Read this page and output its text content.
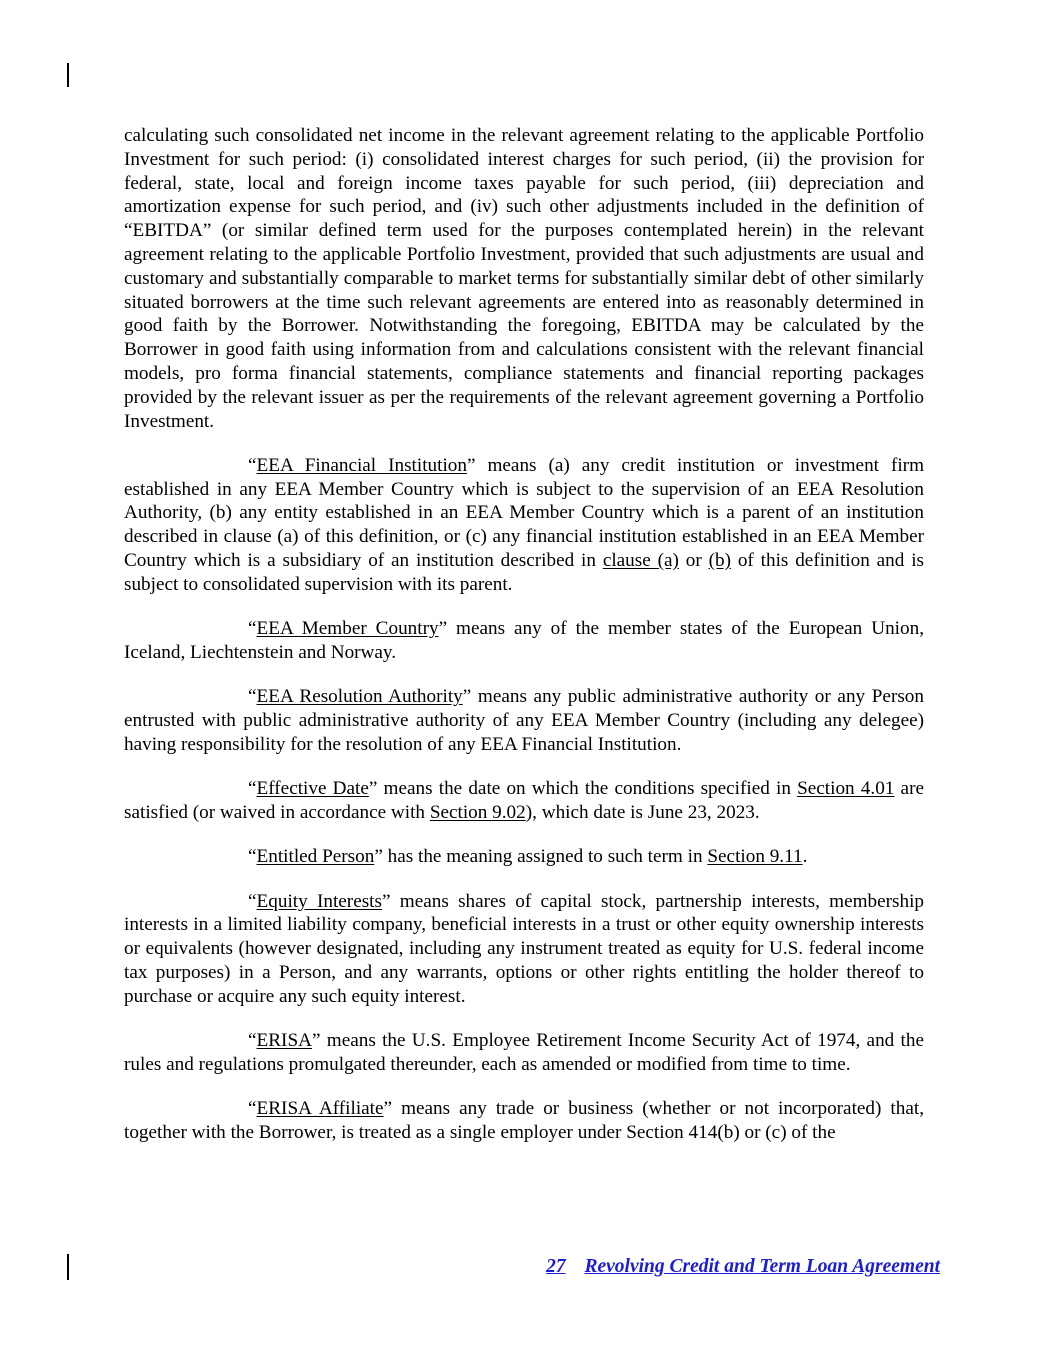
calculating such consolidated net income in the relevant agreement relating to the applicable Portfolio Investment for such period: (i) consolidated interest charges for such period, (ii) the provision for federal, state, local and foreign income taxes payable for such period, (iii) depreciation and amortization expense for such period, and (iv) such other adjustments included in the definition of “EBITDA” (or similar defined term used for the purposes contemplated herein) in the relevant agreement relating to the applicable Portfolio Investment, provided that such adjustments are usual and customary and substantially comparable to market terms for substantially similar debt of other similarly situated borrowers at the time such relevant agreements are entered into as reasonably determined in good faith by the Borrower. Notwithstanding the foregoing, EBITDA may be calculated by the Borrower in good faith using information from and calculations consistent with the relevant financial models, pro forma financial statements, compliance statements and financial reporting packages provided by the relevant issuer as per the requirements of the relevant agreement governing a Portfolio Investment.

“EEA Financial Institution” means (a) any credit institution or investment firm established in any EEA Member Country which is subject to the supervision of an EEA Resolution Authority, (b) any entity established in an EEA Member Country which is a parent of an institution described in clause (a) of this definition, or (c) any financial institution established in an EEA Member Country which is a subsidiary of an institution described in clause (a) or (b) of this definition and is subject to consolidated supervision with its parent.

“EEA Member Country” means any of the member states of the European Union, Iceland, Liechtenstein and Norway.

“EEA Resolution Authority” means any public administrative authority or any Person entrusted with public administrative authority of any EEA Member Country (including any delegee) having responsibility for the resolution of any EEA Financial Institution.

“Effective Date” means the date on which the conditions specified in Section 4.01 are satisfied (or waived in accordance with Section 9.02), which date is June 23, 2023.

“Entitled Person” has the meaning assigned to such term in Section 9.11.

“Equity Interests” means shares of capital stock, partnership interests, membership interests in a limited liability company, beneficial interests in a trust or other equity ownership interests or equivalents (however designated, including any instrument treated as equity for U.S. federal income tax purposes) in a Person, and any warrants, options or other rights entitling the holder thereof to purchase or acquire any such equity interest.

“ERISA” means the U.S. Employee Retirement Income Security Act of 1974, and the rules and regulations promulgated thereunder, each as amended or modified from time to time.

“ERISA Affiliate” means any trade or business (whether or not incorporated) that, together with the Borrower, is treated as a single employer under Section 414(b) or (c) of the

27 Revolving Credit and Term Loan Agreement
